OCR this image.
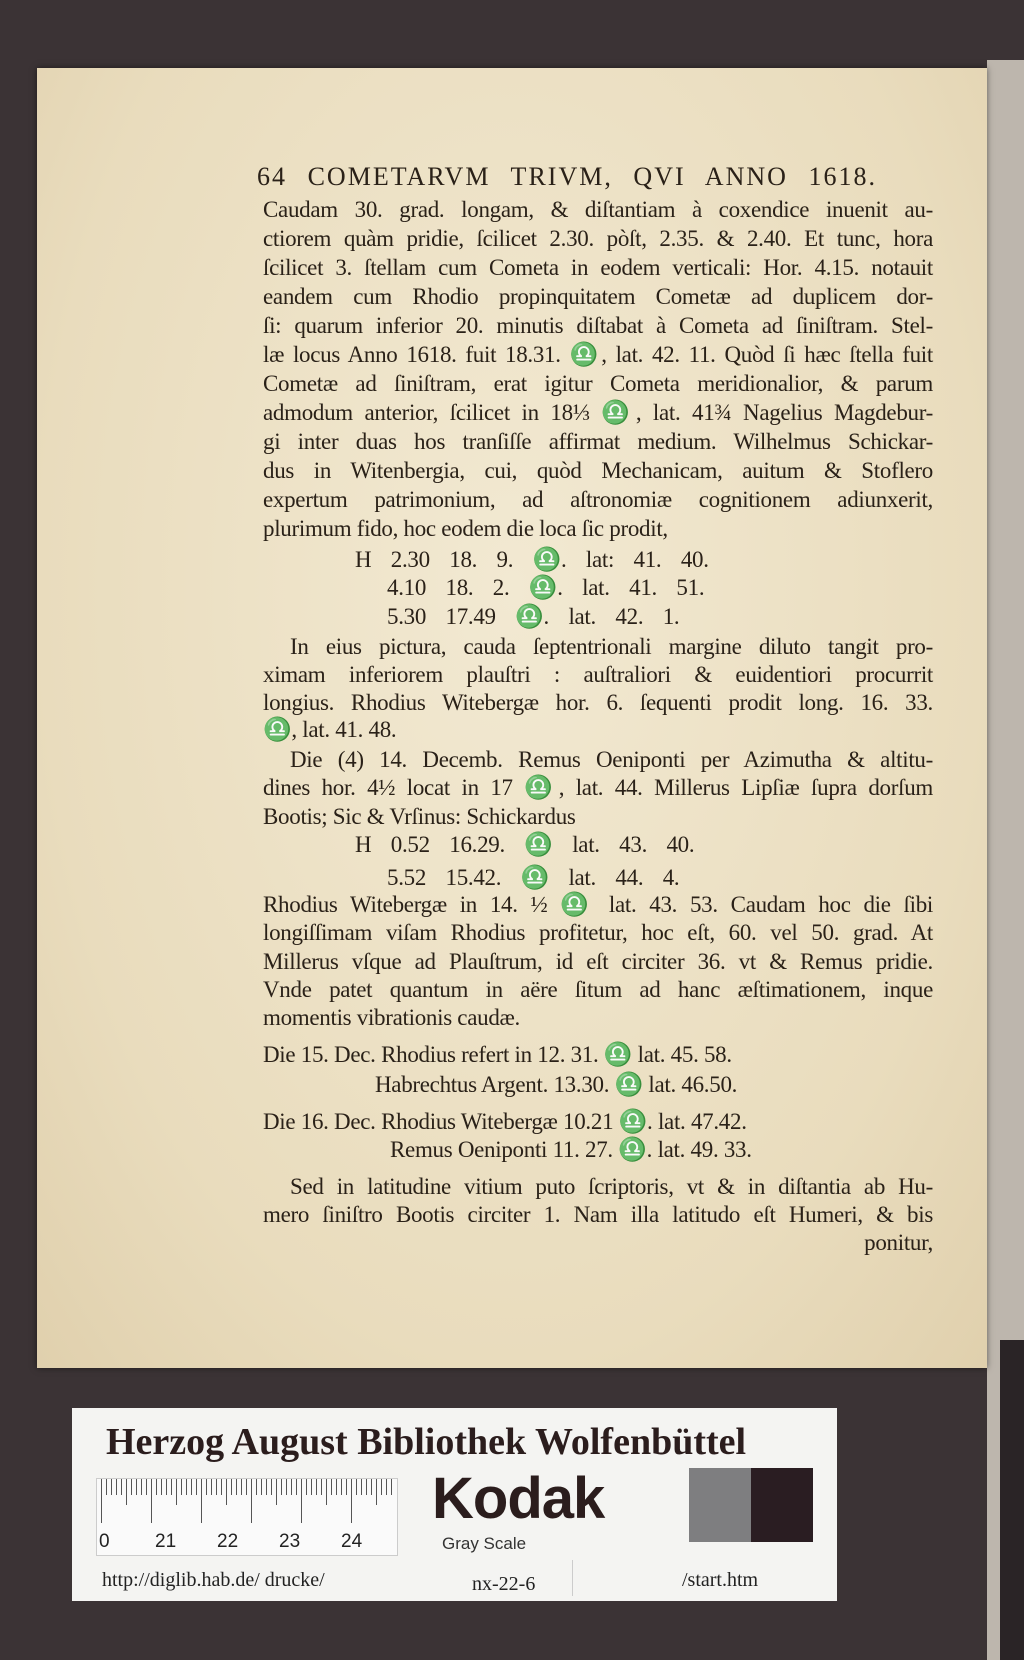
64 COMETARVM TRIVM, QVI ANNO 1618.
Caudam 30. grad. longam, & diſtantiam à coxendice inuenit au-
ctiorem quàm pridie, ſcilicet 2.30. pòſt, 2.35. & 2.40. Et tunc, hora
ſcilicet 3. ſtellam cum Cometa in eodem verticali: Hor. 4.15. notauit
eandem cum Rhodio propinquitatem Cometæ ad duplicem dor-
ſi: quarum inferior 20. minutis diſtabat à Cometa ad ſiniſtram. Stel-
læ locus Anno 1618. fuit 18.31. ♎, lat. 42. 11. Quòd ſi hæc ſtella fuit
Cometæ ad ſiniſtram, erat igitur Cometa meridionalior, & parum
admodum anterior, ſcilicet in 18⅓ ♎, lat. 41¾ Nagelius Magdebur-
gi inter duas hos tranſiſſe affirmat medium. Wilhelmus Schickar-
dus in Witenbergia, cui, quòd Mechanicam, auitum & Stoflero
expertum patrimonium, ad aſtronomiæ cognitionem adiunxerit,
plurimum fido, hoc eodem die loca ſic prodit,
H 2.30 18. 9. ♎. lat: 41. 40.
4.10 18. 2. ♎. lat. 41. 51.
5.30 17.49 ♎. lat. 42. 1.
In eius pictura, cauda ſeptentrionali margine diluto tangit pro-
ximam inferiorem plauſtri : auſtraliori & euidentiori procurrit
longius. Rhodius Witebergæ hor. 6. ſequenti prodit long. 16. 33.
♎, lat. 41. 48.
Die (4) 14. Decemb. Remus Oeniponti per Azimutha & altitu-
dines hor. 4½ locat in 17 ♎, lat. 44. Millerus Lipſiæ ſupra dorſum
Bootis; Sic & Vrſinus: Schickardus
H 0.52 16.29. ♎ lat. 43. 40.
5.52 15.42. ♎ lat. 44. 4.
Rhodius Witebergæ in 14. ½ ♎ lat. 43. 53. Caudam hoc die ſibi
longiſſimam viſam Rhodius profitetur, hoc eſt, 60. vel 50. grad. At
Millerus vſque ad Plauſtrum, id eſt circiter 36. vt & Remus pridie.
Vnde patet quantum in aëre ſitum ad hanc æſtimationem, inque
momentis vibrationis caudæ.
Die 15. Dec. Rhodius refert in 12. 31. ♎ lat. 45. 58.
Habrechtus Argent. 13.30. ♎ lat. 46.50.
Die 16. Dec. Rhodius Witebergæ 10.21 ♎. lat. 47.42.
Remus Oeniponti 11. 27. ♎. lat. 49. 33.
Sed in latitudine vitium puto ſcriptoris, vt & in diſtantia ab Hu-
mero ſiniſtro Bootis circiter 1. Nam illa latitudo eſt Humeri, & bis
ponitur,
Herzog August Bibliothek Wolfenbüttel
0 21 22 23 24
Kodak
Gray Scale
http://diglib.hab.de/ drucke/	nx-22-6	/start.htm
